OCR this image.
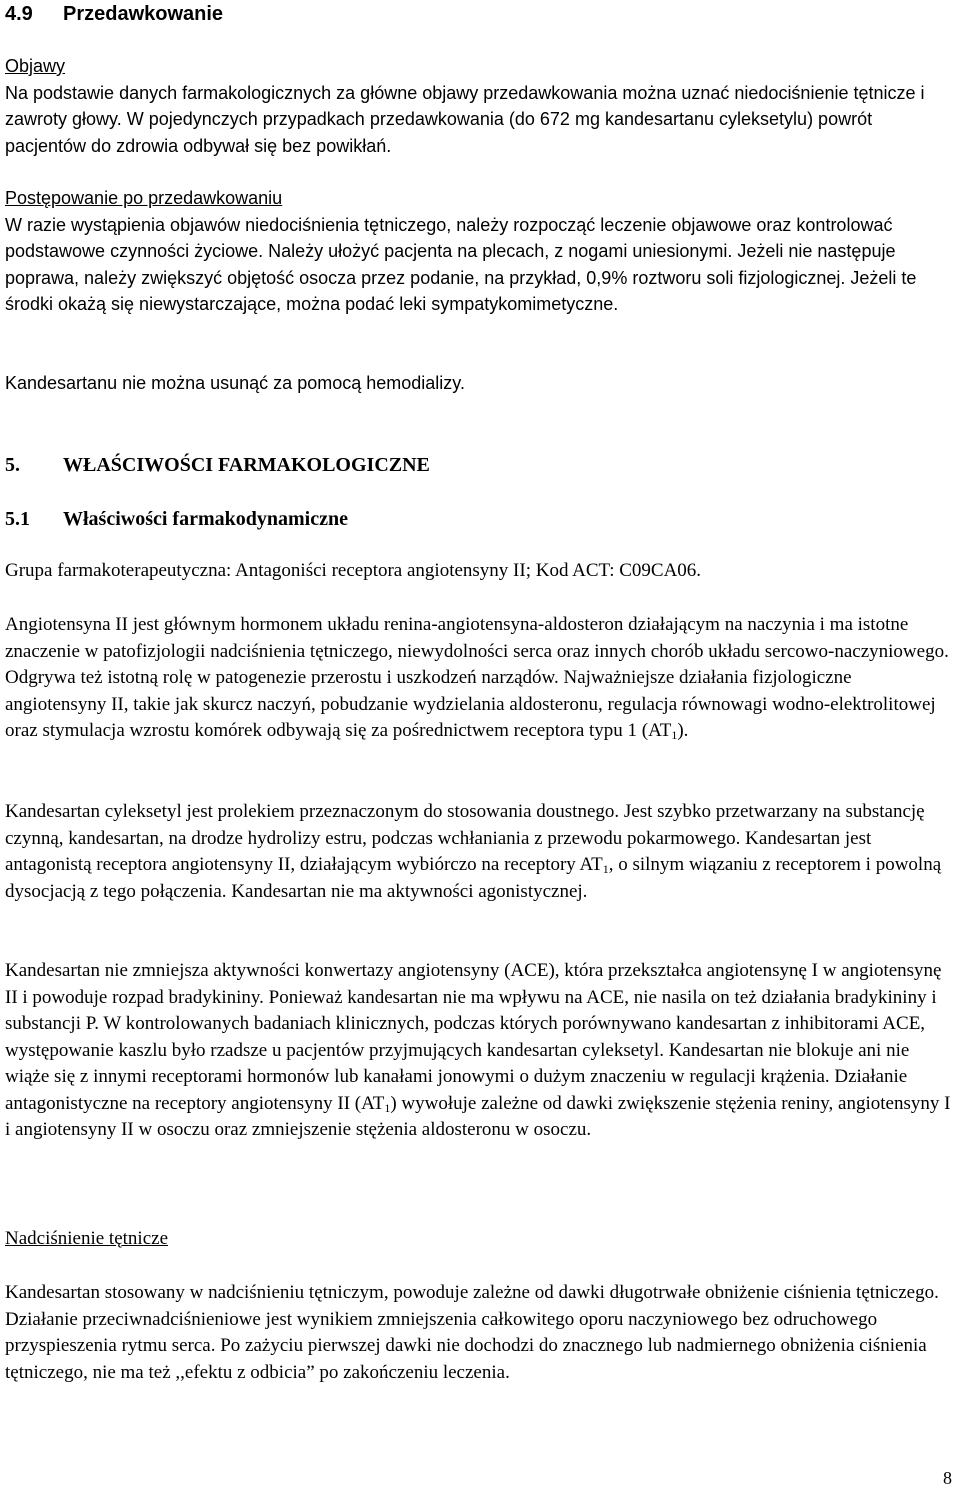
4.9 Przedawkowanie
Objawy

Na podstawie danych farmakologicznych za główne objawy przedawkowania można uznać niedociśnienie tętnicze i zawroty głowy. W pojedynczych przypadkach przedawkowania (do 672 mg kandesartanu cyleksetylu) powrót pacjentów do zdrowia odbywał się bez powikłań.

Postępowanie po przedawkowaniu

W razie wystąpienia objawów niedociśnienia tętniczego, należy rozpocząć leczenie objawowe oraz kontrolować podstawowe czynności życiowe. Należy ułożyć pacjenta na plecach, z nogami uniesionymi. Jeżeli nie następuje poprawa, należy zwiększyć objętość osocza przez podanie, na przykład, 0,9% roztworu soli fizjologicznej. Jeżeli te środki okażą się niewystarczające, można podać leki sympatykomimetyczne.

Kandesartanu nie można usunąć za pomocą hemodializy.

5. WŁAŚCIWOŚCI FARMAKOLOGICZNE
5.1 Właściwości farmakodynamiczne

Grupa farmakoterapeutyczna: Antagoniści receptora angiotensyny II; Kod ACT: C09CA06.

Angiotensyna II jest głównym hormonem układu renina-angiotensyna-aldosteron działającym na naczynia i ma istotne znaczenie w patofizjologii nadciśnienia tętniczego, niewydolności serca oraz innych chorób układu sercowo-naczyniowego. Odgrywa też istotną rolę w patogenezie przerostu i uszkodzeń narządów. Najważniejsze działania fizjologiczne angiotensyny II, takie jak skurcz naczyń, pobudzanie wydzielania aldosteronu, regulacja równowagi wodno-elektrolitowej oraz stymulacja wzrostu komórek odbywają się za pośrednictwem receptora typu 1 $(AT_1)$.

Kandesartan cyleksetyl jest prolekiem przeznaczonym do stosowania doustnego. Jest szybko przetwarzany na substancję czynną, kandesartan, na drodze hydrolizy estru, podczas wchłaniania z przewodu pokarmowego. Kandesartan jest antagonistą receptora angiotensyny II, działającym wybiórczo na receptory $AT_1$, o silnym wiązaniu z receptorem i powolną dysocjacją z tego połączenia. Kandesartan nie ma aktywności agonistycznej.

Kandesartan nie zmniejsza aktywności konwertazy angiotensyny (ACE), która przekształca angiotensynę I w angiotensynę II i powoduje rozpad bradykininy. Ponieważ kandesartan nie ma wpływu na ACE, nie nasila on też działania bradykininy i substancji P. W kontrolowanych badaniach klinicznych, podczas których porównywano kandesartan z inhibitorami ACE, występowanie kaszlu było rzadsze u pacjentów przyjmujących kandesartan cyleksetyl. Kandesartan nie blokuje ani nie wiąże się z innymi receptorami hormonów lub kanałami jonowymi o dużym znaczeniu w regulacji krążenia. Działanie antagonistyczne na receptory angiotensyny II $(AT_1)$ wywołuje zależne od dawki zwiększenie stężenia reniny, angiotensyny I i angiotensyny II w osoczu oraz zmniejszenie stężenia aldosteronu w osoczu.

Nadciśnienie tętnicze

Kandesartan stosowany w nadciśnieniu tętniczym, powoduje zależne od dawki długotrwałe obniżenie ciśnienia tętniczego. Działanie przeciwnadciśnieniowe jest wynikiem zmniejszenia całkowitego oporu naczyniowego bez odruchowego przyspieszenia rytmu serca. Po zażyciu pierwszej dawki nie dochodzi do znacznego lub nadmiernego obniżenia ciśnienia tętniczego, nie ma też ,,efektu z odbicia” po zakończeniu leczenia.

8
